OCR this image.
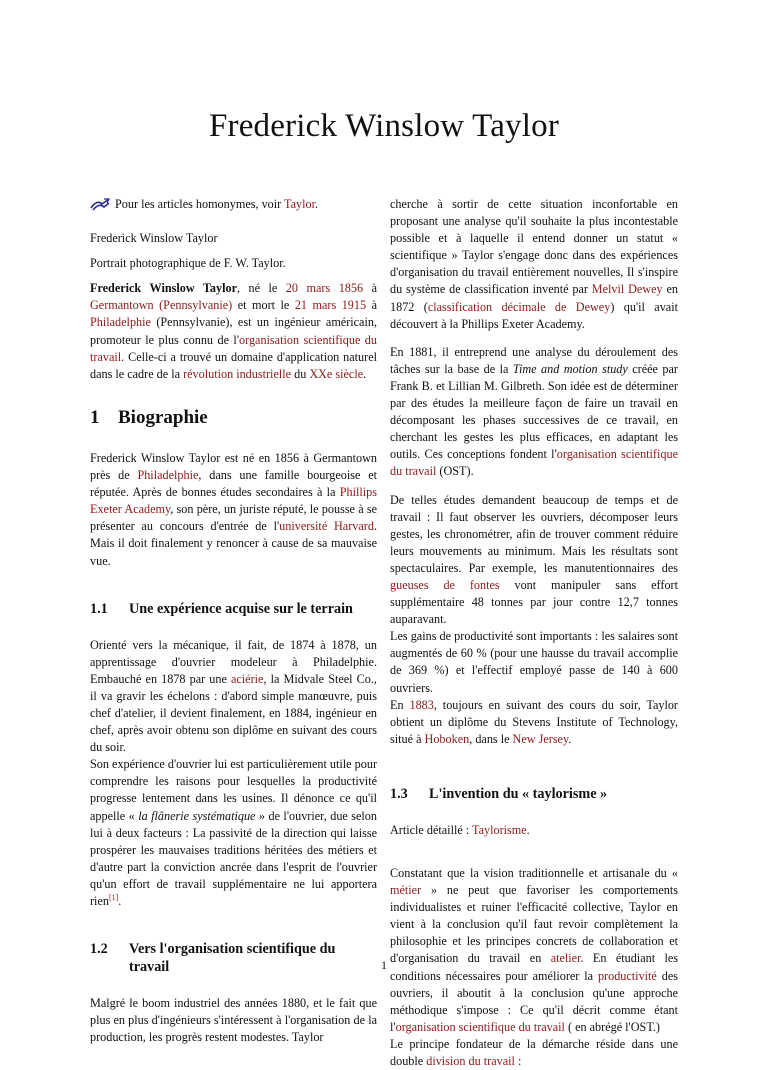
Frederick Winslow Taylor

Pour les articles homonymes, voir Taylor.

Frederick Winslow Taylor

Portrait photographique de F. W. Taylor.

Frederick Winslow Taylor, né le 20 mars 1856 à Germantown (Pennsylvanie) et mort le 21 mars 1915 à Philadelphie (Pennsylvanie), est un ingénieur américain, promoteur le plus connu de l'organisation scientifique du travail. Celle-ci a trouvé un domaine d'application naturel dans le cadre de la révolution industrielle du XXe siècle.

1 Biographie

Frederick Winslow Taylor est né en 1856 à Germantown près de Philadelphie, dans une famille bourgeoise et réputée. Après de bonnes études secondaires à la Phillips Exeter Academy, son père, un juriste réputé, le pousse à se présenter au concours d'entrée de l'université Harvard. Mais il doit finalement y renoncer à cause de sa mauvaise vue.

1.1	Une expérience acquise sur le terrain

Orienté vers la mécanique, il fait, de 1874 à 1878, un apprentissage d'ouvrier modeleur à Philadelphie. Embauché en 1878 par une aciérie, la Midvale Steel Co., il va gravir les échelons : d'abord simple manœuvre, puis chef d'atelier, il devient finalement, en 1884, ingénieur en chef, après avoir obtenu son diplôme en suivant des cours du soir.

Son expérience d'ouvrier lui est particulièrement utile pour comprendre les raisons pour lesquelles la productivité progresse lentement dans les usines. Il dénonce ce qu'il appelle « la flânerie systématique » de l'ouvrier, due selon lui à deux facteurs : La passivité de la direction qui laisse prospérer les mauvaises traditions héritées des métiers et d'autre part la conviction ancrée dans l'esprit de l'ouvrier qu'un effort de travail supplémentaire ne lui apportera rien[1].

1.2	Vers l'organisation scientifique du travail

Malgré le boom industriel des années 1880, et le fait que plus en plus d'ingénieurs s'intéressent à l'organisation de la production, les progrès restent modestes. Taylor

cherche à sortir de cette situation inconfortable en proposant une analyse qu'il souhaite la plus incontestable possible et à laquelle il entend donner un statut « scientifique » Taylor s'engage donc dans des expériences d'organisation du travail entièrement nouvelles, Il s'inspire du système de classification inventé par Melvil Dewey en 1872 (classification décimale de Dewey) qu'il avait découvert à la Phillips Exeter Academy.

En 1881, il entreprend une analyse du déroulement des tâches sur la base de la Time and motion study créée par Frank B. et Lillian M. Gilbreth. Son idée est de déterminer par des études la meilleure façon de faire un travail en décomposant les phases successives de ce travail, en cherchant les gestes les plus efficaces, en adaptant les outils. Ces conceptions fondent l'organisation scientifique du travail (OST).

De telles études demandent beaucoup de temps et de travail : Il faut observer les ouvriers, décomposer leurs gestes, les chronométrer, afin de trouver comment réduire leurs mouvements au minimum. Mais les résultats sont spectaculaires. Par exemple, les manutentionnaires des gueuses de fontes vont manipuler sans effort supplémentaire 48 tonnes par jour contre 12,7 tonnes auparavant.

Les gains de productivité sont importants : les salaires sont augmentés de 60 % (pour une hausse du travail accomplie de 369 %) et l'effectif employé passe de 140 à 600 ouvriers.

En 1883, toujours en suivant des cours du soir, Taylor obtient un diplôme du Stevens Institute of Technology, situé à Hoboken, dans le New Jersey.

1.3	L'invention du « taylorisme »

Article détaillé : Taylorisme.

Constatant que la vision traditionnelle et artisanale du « métier » ne peut que favoriser les comportements individualistes et ruiner l'efficacité collective, Taylor en vient à la conclusion qu'il faut revoir complètement la philosophie et les principes concrets de collaboration et d'organisation du travail en atelier. En étudiant les conditions nécessaires pour améliorer la productivité des ouvriers, il aboutit à la conclusion qu'une approche méthodique s'impose : Ce qu'il décrit comme étant l'organisation scientifique du travail ( en abrégé l'OST.)

Le principe fondateur de la démarche réside dans une double division du travail :

1
